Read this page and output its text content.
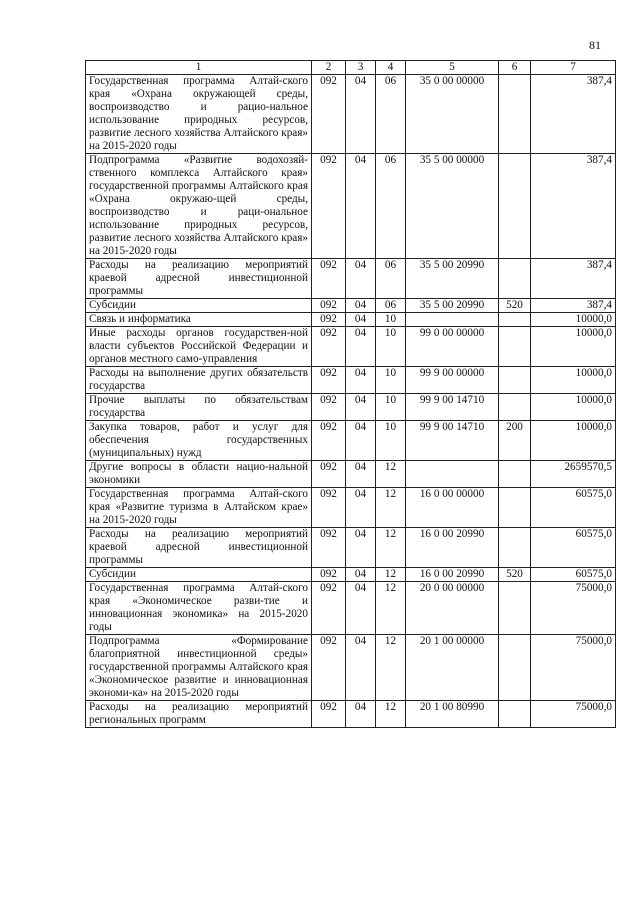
81
1	2	3	4	5	6	7
Государственная программа Алтай-ского края «Охрана окружающей среды, воспроизводство и рацио-нальное использование природных ресурсов, развитие лесного хозяйства Алтайского края» на 2015-2020 годы	092	04	06	35 0 00 00000		387,4
Подпрограмма «Развитие водохозяй-ственного комплекса Алтайского края» государственной программы Алтайского края «Охрана окружаю-щей среды, воспроизводство и раци-ональное использование природных ресурсов, развитие лесного хозяйства Алтайского края» на 2015-2020 годы	092	04	06	35 5 00 00000		387,4
Расходы на реализацию мероприятий краевой адресной инвестиционной программы	092	04	06	35 5 00 20990		387,4
Субсидии	092	04	06	35 5 00 20990	520	387,4
Связь и информатика	092	04	10			10000,0
Иные расходы органов государствен-ной власти субъектов Российской Федерации и органов местного само-управления	092	04	10	99 0 00 00000		10000,0
Расходы на выполнение других обязательств государства	092	04	10	99 9 00 00000		10000,0
Прочие выплаты по обязательствам государства	092	04	10	99 9 00 14710		10000,0
Закупка товаров, работ и услуг для обеспечения государственных (муниципальных) нужд	092	04	10	99 9 00 14710	200	10000,0
Другие вопросы в области нацио-нальной экономики	092	04	12			2659570,5
Государственная программа Алтай-ского края «Развитие туризма в Алтайском крае» на 2015-2020 годы	092	04	12	16 0 00 00000		60575,0
Расходы на реализацию мероприятий краевой адресной инвестиционной программы	092	04	12	16 0 00 20990		60575,0
Субсидии	092	04	12	16 0 00 20990	520	60575,0
Государственная программа Алтай-ского края «Экономическое разви-тие и инновационная экономика» на 2015-2020 годы	092	04	12	20 0 00 00000		75000,0
Подпрограмма «Формирование благоприятной инвестиционной среды» государственной программы Алтайского края «Экономическое развитие и инновационная экономи-ка» на 2015-2020 годы	092	04	12	20 1 00 00000		75000,0
Расходы на реализацию мероприятий региональных программ	092	04	12	20 1 00 80990		75000,0
